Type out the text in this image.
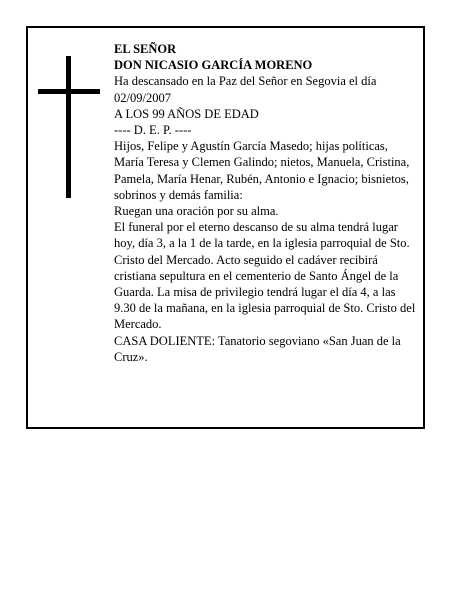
EL SEÑOR

DON NICASIO GARCÍA MORENO

Ha descansado en la Paz del Señor en Segovia el día 02/09/2007

A LOS 99 AÑOS DE EDAD

---- D. E. P. ----

Hijos, Felipe y Agustín García Masedo; hijas políticas, María Teresa y Clemen Galindo; nietos, Manuela, Cristina, Pamela, María Henar, Rubén, Antonio e Ignacio; bisnietos, sobrinos y demás familia:

Ruegan una oración por su alma.

El funeral por el eterno descanso de su alma tendrá lugar hoy, día 3, a la 1 de la tarde, en la iglesia parroquial de Sto. Cristo del Mercado. Acto seguido el cadáver recibirá cristiana sepultura en el cementerio de Santo Ángel de la Guarda. La misa de privilegio tendrá lugar el día 4, a las 9.30 de la mañana, en la iglesia parroquial de Sto. Cristo del Mercado.

CASA DOLIENTE: Tanatorio segoviano «San Juan de la Cruz».
